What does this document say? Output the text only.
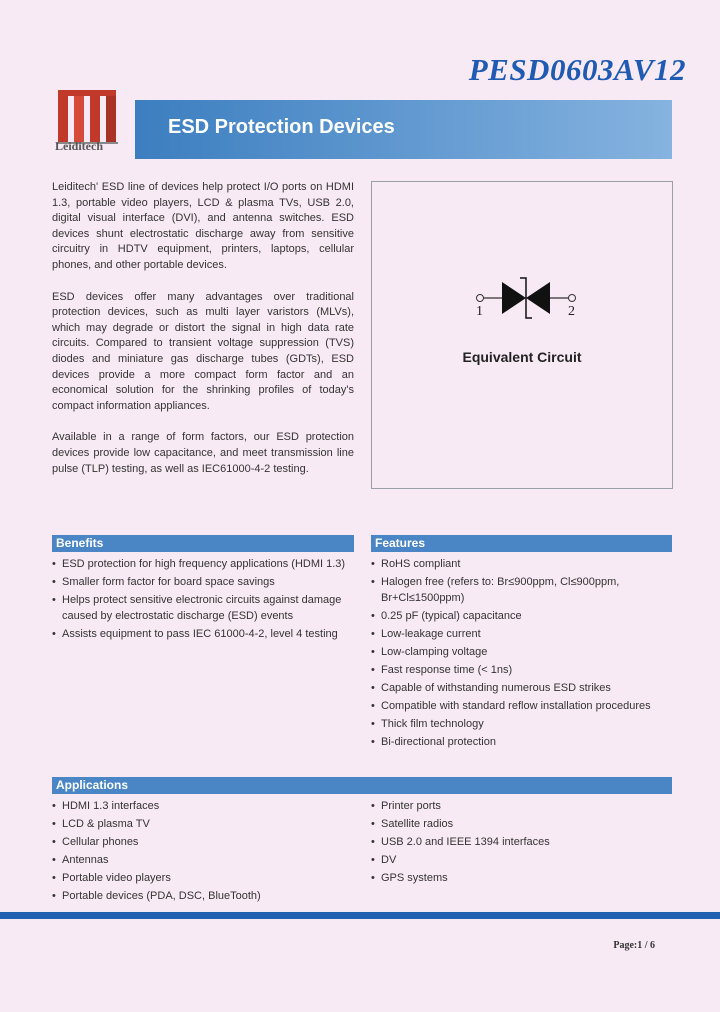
PESD0603AV12
Leiditech
ESD Protection Devices

Leiditech' ESD line of devices help protect I/O ports on HDMI 1.3, portable video players, LCD & plasma TVs, USB 2.0, digital visual interface (DVI), and antenna switches. ESD devices shunt electrostatic discharge away from sensitive circuitry in HDTV equipment, printers, laptops, cellular phones, and other portable devices.

ESD devices offer many advantages over traditional protection devices, such as multi layer varistors (MLVs), which may degrade or distort the signal in high data rate circuits. Compared to transient voltage suppression (TVS) diodes and miniature gas discharge tubes (GDTs), ESD devices provide a more compact form factor and an economical solution for the shrinking profiles of today's compact information appliances.

Available in a range of form factors, our ESD protection devices provide low capacitance, and meet transmission line pulse (TLP) testing, as well as IEC61000-4-2 testing.

1	2
Equivalent Circuit
Benefits
• ESD protection for high frequency applications (HDMI 1.3)
• Smaller form factor for board space savings
• Helps protect sensitive electronic circuits against damage caused by electrostatic discharge (ESD) events
• Assists equipment to pass IEC 61000-4-2, level 4 testing
Features
• RoHS compliant
• Halogen free (refers to: Br≤900ppm, Cl≤900ppm, Br+Cl≤1500ppm)
• 0.25 pF (typical) capacitance
• Low-leakage current
• Low-clamping voltage
• Fast response time (< 1ns)
• Capable of withstanding numerous ESD strikes
• Compatible with standard reflow installation procedures
• Thick film technology
• Bi-directional protection
Applications
• HDMI 1.3 interfaces
• LCD & plasma TV
• Cellular phones
• Antennas
• Portable video players
• Portable devices (PDA, DSC, BlueTooth)
• Printer ports
• Satellite radios
• USB 2.0 and IEEE 1394 interfaces
• DV
• GPS systems
Page:1 / 6
